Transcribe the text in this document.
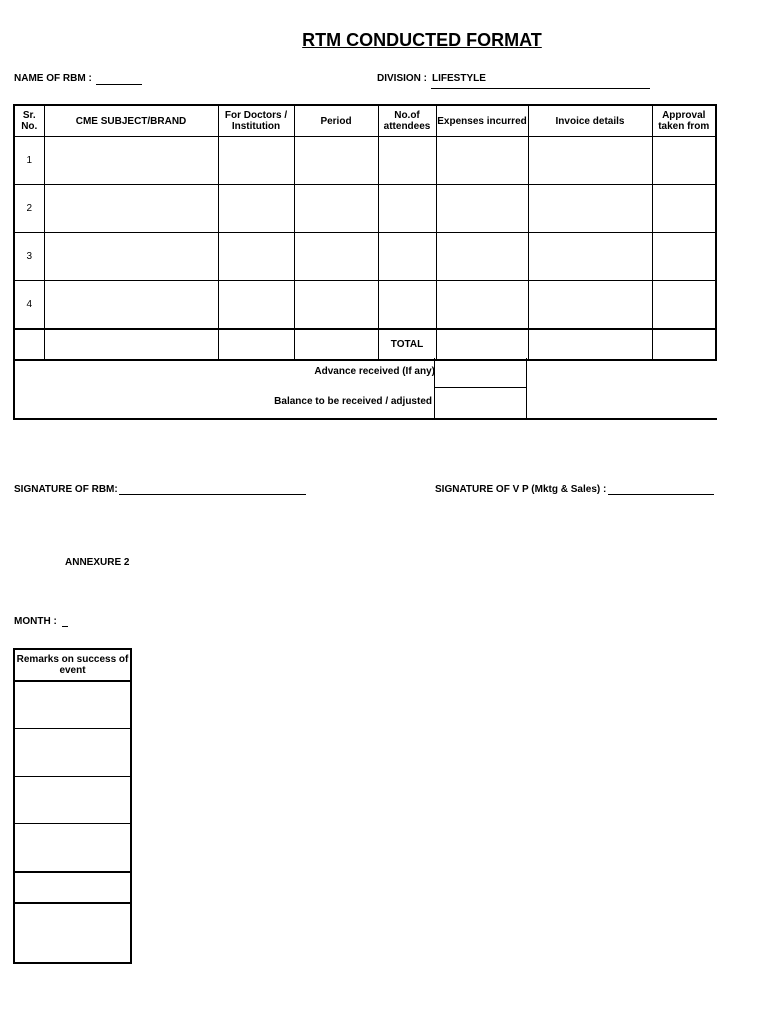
RTM CONDUCTED FORMAT
NAME OF RBM :	DIVISION : LIFESTYLE
Sr. No.	CME SUBJECT/BRAND	For Doctors / Institution	Period	No.of attendees	Expenses incurred	Invoice details	Approval taken from
1							
2							
3							
4							
				TOTAL			
Advance received (If any)
Balance to be received / adjusted
SIGNATURE OF RBM:	SIGNATURE OF V P (Mktg & Sales) :
ANNEXURE 2
MONTH :
Remarks on success of event
